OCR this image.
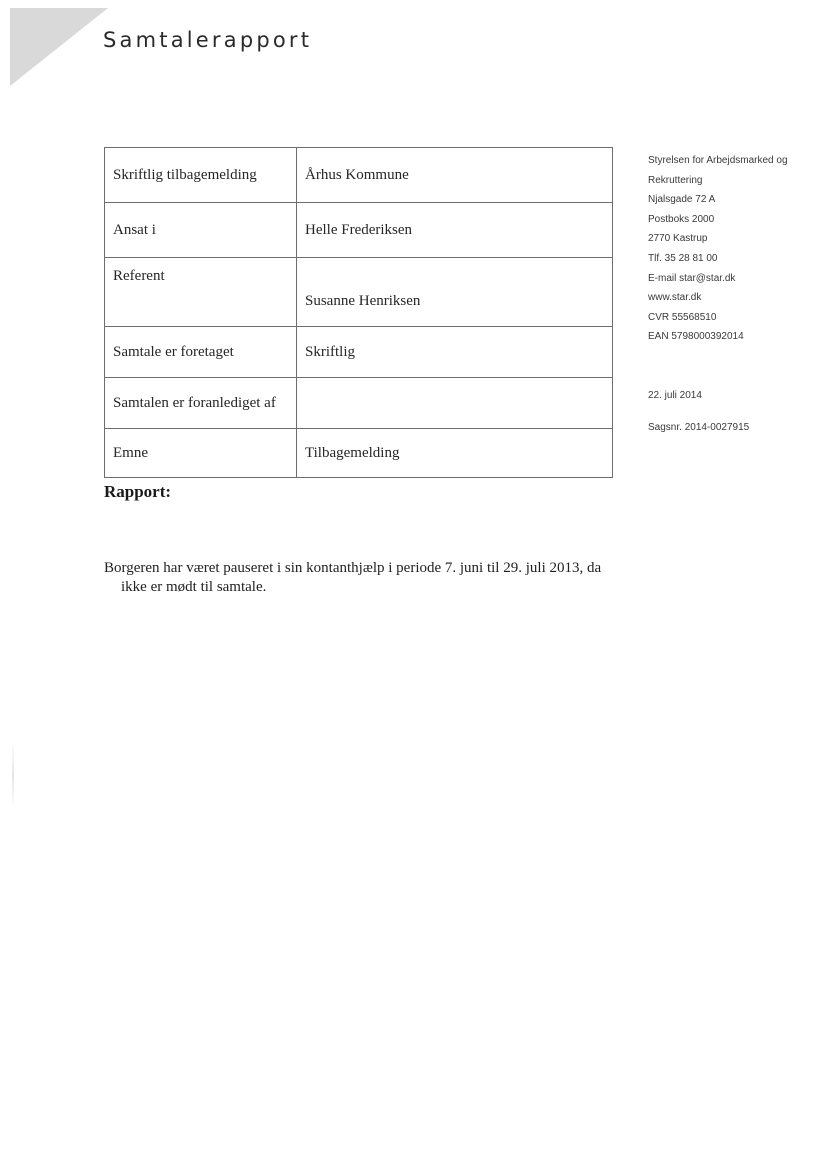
Samtalerapport
Skriftlig tilbagemelding	Århus Kommune
Ansat i	Helle Frederiksen
Referent	Susanne Henriksen
Samtale er foretaget	Skriftlig
Samtalen er foranlediget af	
Emne	Tilbagemelding
Styrelsen for Arbejdsmarked og
Rekruttering
Njalsgade 72 A
Postboks 2000
2770 Kastrup
Tlf. 35 28 81 00
E-mail star@star.dk
www.star.dk
CVR 55568510
EAN 5798000392014
22. juli 2014
Sagsnr. 2014-0027915
Rapport:
Borgeren har været pauseret i sin kontanthjælp i periode 7. juni til 29. juli 2013, da
ikke er mødt til samtale.
